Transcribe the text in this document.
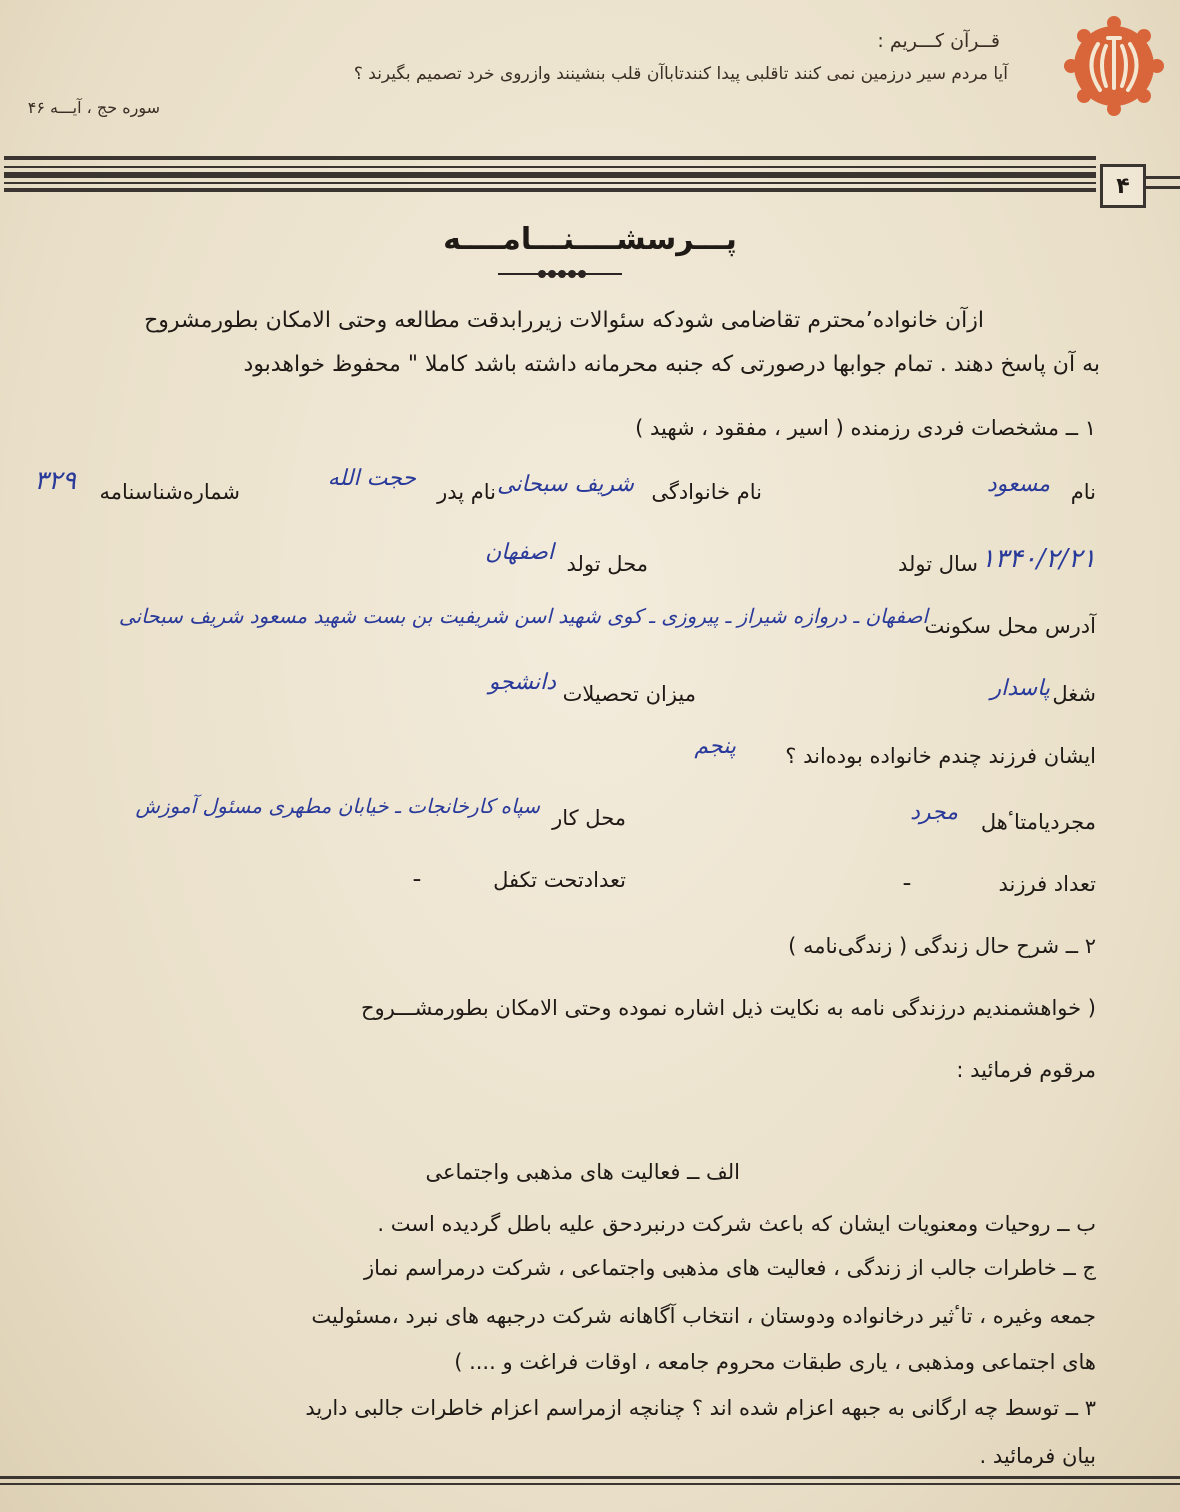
قــرآن كـــريم :
آيا مردم سير درزمين نمى كنند تاقلبى پيدا كنندتاباآن قلب بنشينند وازروى خرد تصميم بگيرند ؟
سوره حج ، آيـــه ۴۶
۴
پـــرسشــــنـــامــــه
ازآن خانواده٬محترم تقاضامی شودکه سئوالات زيررابدقت مطالعه وحتی الامکان بطورمشروح
به آن پاسخ دهند . تمام جوابها درصورتی که جنبه محرمانه داشته باشد کاملا " محفوظ خواهدبود
١ ــ مشخصات فردی رزمنده ( اسير ، مفقود ، شهيد )
نام
مسعود
نام خانوادگی
شريف سبحانی
نام پدر
حجت الله
شماره‌شناسنامه
۳۲۹
۱۳۴۰/۲/۲۱
سال تولد
محل تولد
اصفهان
آدرس محل سکونت
اصفهان ـ دروازه شیراز ـ پیروزی ـ کوی شهید اسن شریفیت بن بست شهید مسعود شریف سبحانی
شغل
پاسدار
میزان تحصیلات
دانشجو
ایشان فرزند چندم خانواده بوده‌اند ؟
پنجم
مجردیامتاٴهل
مجرد
محل کار
سپاه کارخانجات ـ خیابان مطهری مسئول آموزش
تعداد فرزند
ـ
تعدادتحت تکفل
ـ
٢ ــ شرح حال زندگی ( زندگی‌نامه )
( خواهشمندیم درزندگی نامه به نکایت ذیل اشاره نموده وحتی الامکان بطورمشـــروح
مرقوم فرمائید :
الف ــ فعالیت های مذهبی واجتماعی
ب ــ روحیات ومعنویات ایشان که باعث شرکت درنبردحق علیه باطل گردیده است .
ج ــ خاطرات جالب از زندگی ، فعالیت های مذهبی واجتماعی ، شرکت درمراسم نماز
جمعه وغیره ، تاٴثیر درخانواده ودوستان ، انتخاب آگاهانه شرکت درجبهه های نبرد ،مسئولیت
های اجتماعی ومذهبی ، یاری طبقات محروم جامعه ، اوقات فراغت و .... )
٣ ــ توسط چه ارگانی به جبهه اعزام شده اند ؟ چنانچه ازمراسم اعزام خاطرات جالبی دارید
بیان فرمائید .
